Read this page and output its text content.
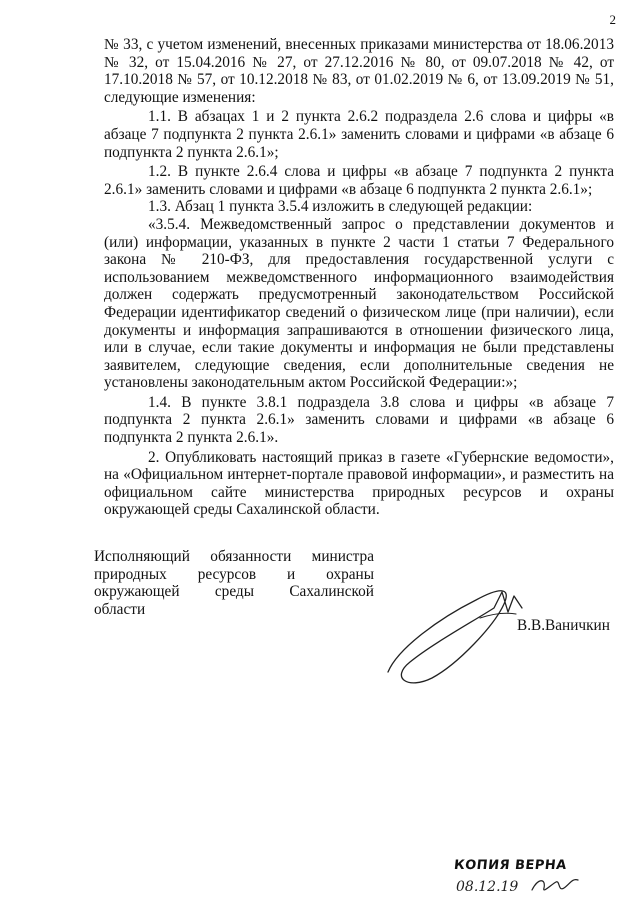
2

№ 33, с учетом изменений, внесенных приказами министерства от 18.06.2013 № 32, от 15.04.2016 № 27, от 27.12.2016 № 80, от 09.07.2018 № 42, от 17.10.2018 № 57, от 10.12.2018 № 83, от 01.02.2019 № 6, от 13.09.2019 № 51, следующие изменения:

1.1. В абзацах 1 и 2 пункта 2.6.2 подраздела 2.6 слова и цифры «в абзаце 7 подпункта 2 пункта 2.6.1» заменить словами и цифрами «в абзаце 6 подпункта 2 пункта 2.6.1»;

1.2. В пункте 2.6.4 слова и цифры «в абзаце 7 подпункта 2 пункта 2.6.1» заменить словами и цифрами «в абзаце 6 подпункта 2 пункта 2.6.1»;

1.3. Абзац 1 пункта 3.5.4 изложить в следующей редакции:

«3.5.4. Межведомственный запрос о представлении документов и (или) информации, указанных в пункте 2 части 1 статьи 7 Федерального закона № 210-ФЗ, для предоставления государственной услуги с использованием межведомственного информационного взаимодействия должен содержать предусмотренный законодательством Российской Федерации идентификатор сведений о физическом лице (при наличии), если документы и информация запрашиваются в отношении физического лица, или в случае, если такие документы и информация не были представлены заявителем, следующие сведения, если дополнительные сведения не установлены законодательным актом Российской Федерации:»;

1.4. В пункте 3.8.1 подраздела 3.8 слова и цифры «в абзаце 7 подпункта 2 пункта 2.6.1» заменить словами и цифрами «в абзаце 6 подпункта 2 пункта 2.6.1».

2. Опубликовать настоящий приказ в газете «Губернские ведомости», на «Официальном интернет-портале правовой информации», и разместить на официальном сайте министерства природных ресурсов и охраны окружающей среды Сахалинской области.

Исполняющий обязанности министра
природных ресурсов и охраны
окружающей среды Сахалинской
области
В.В.Ваничкин
КОПИЯ ВЕРНА
08.12.19
